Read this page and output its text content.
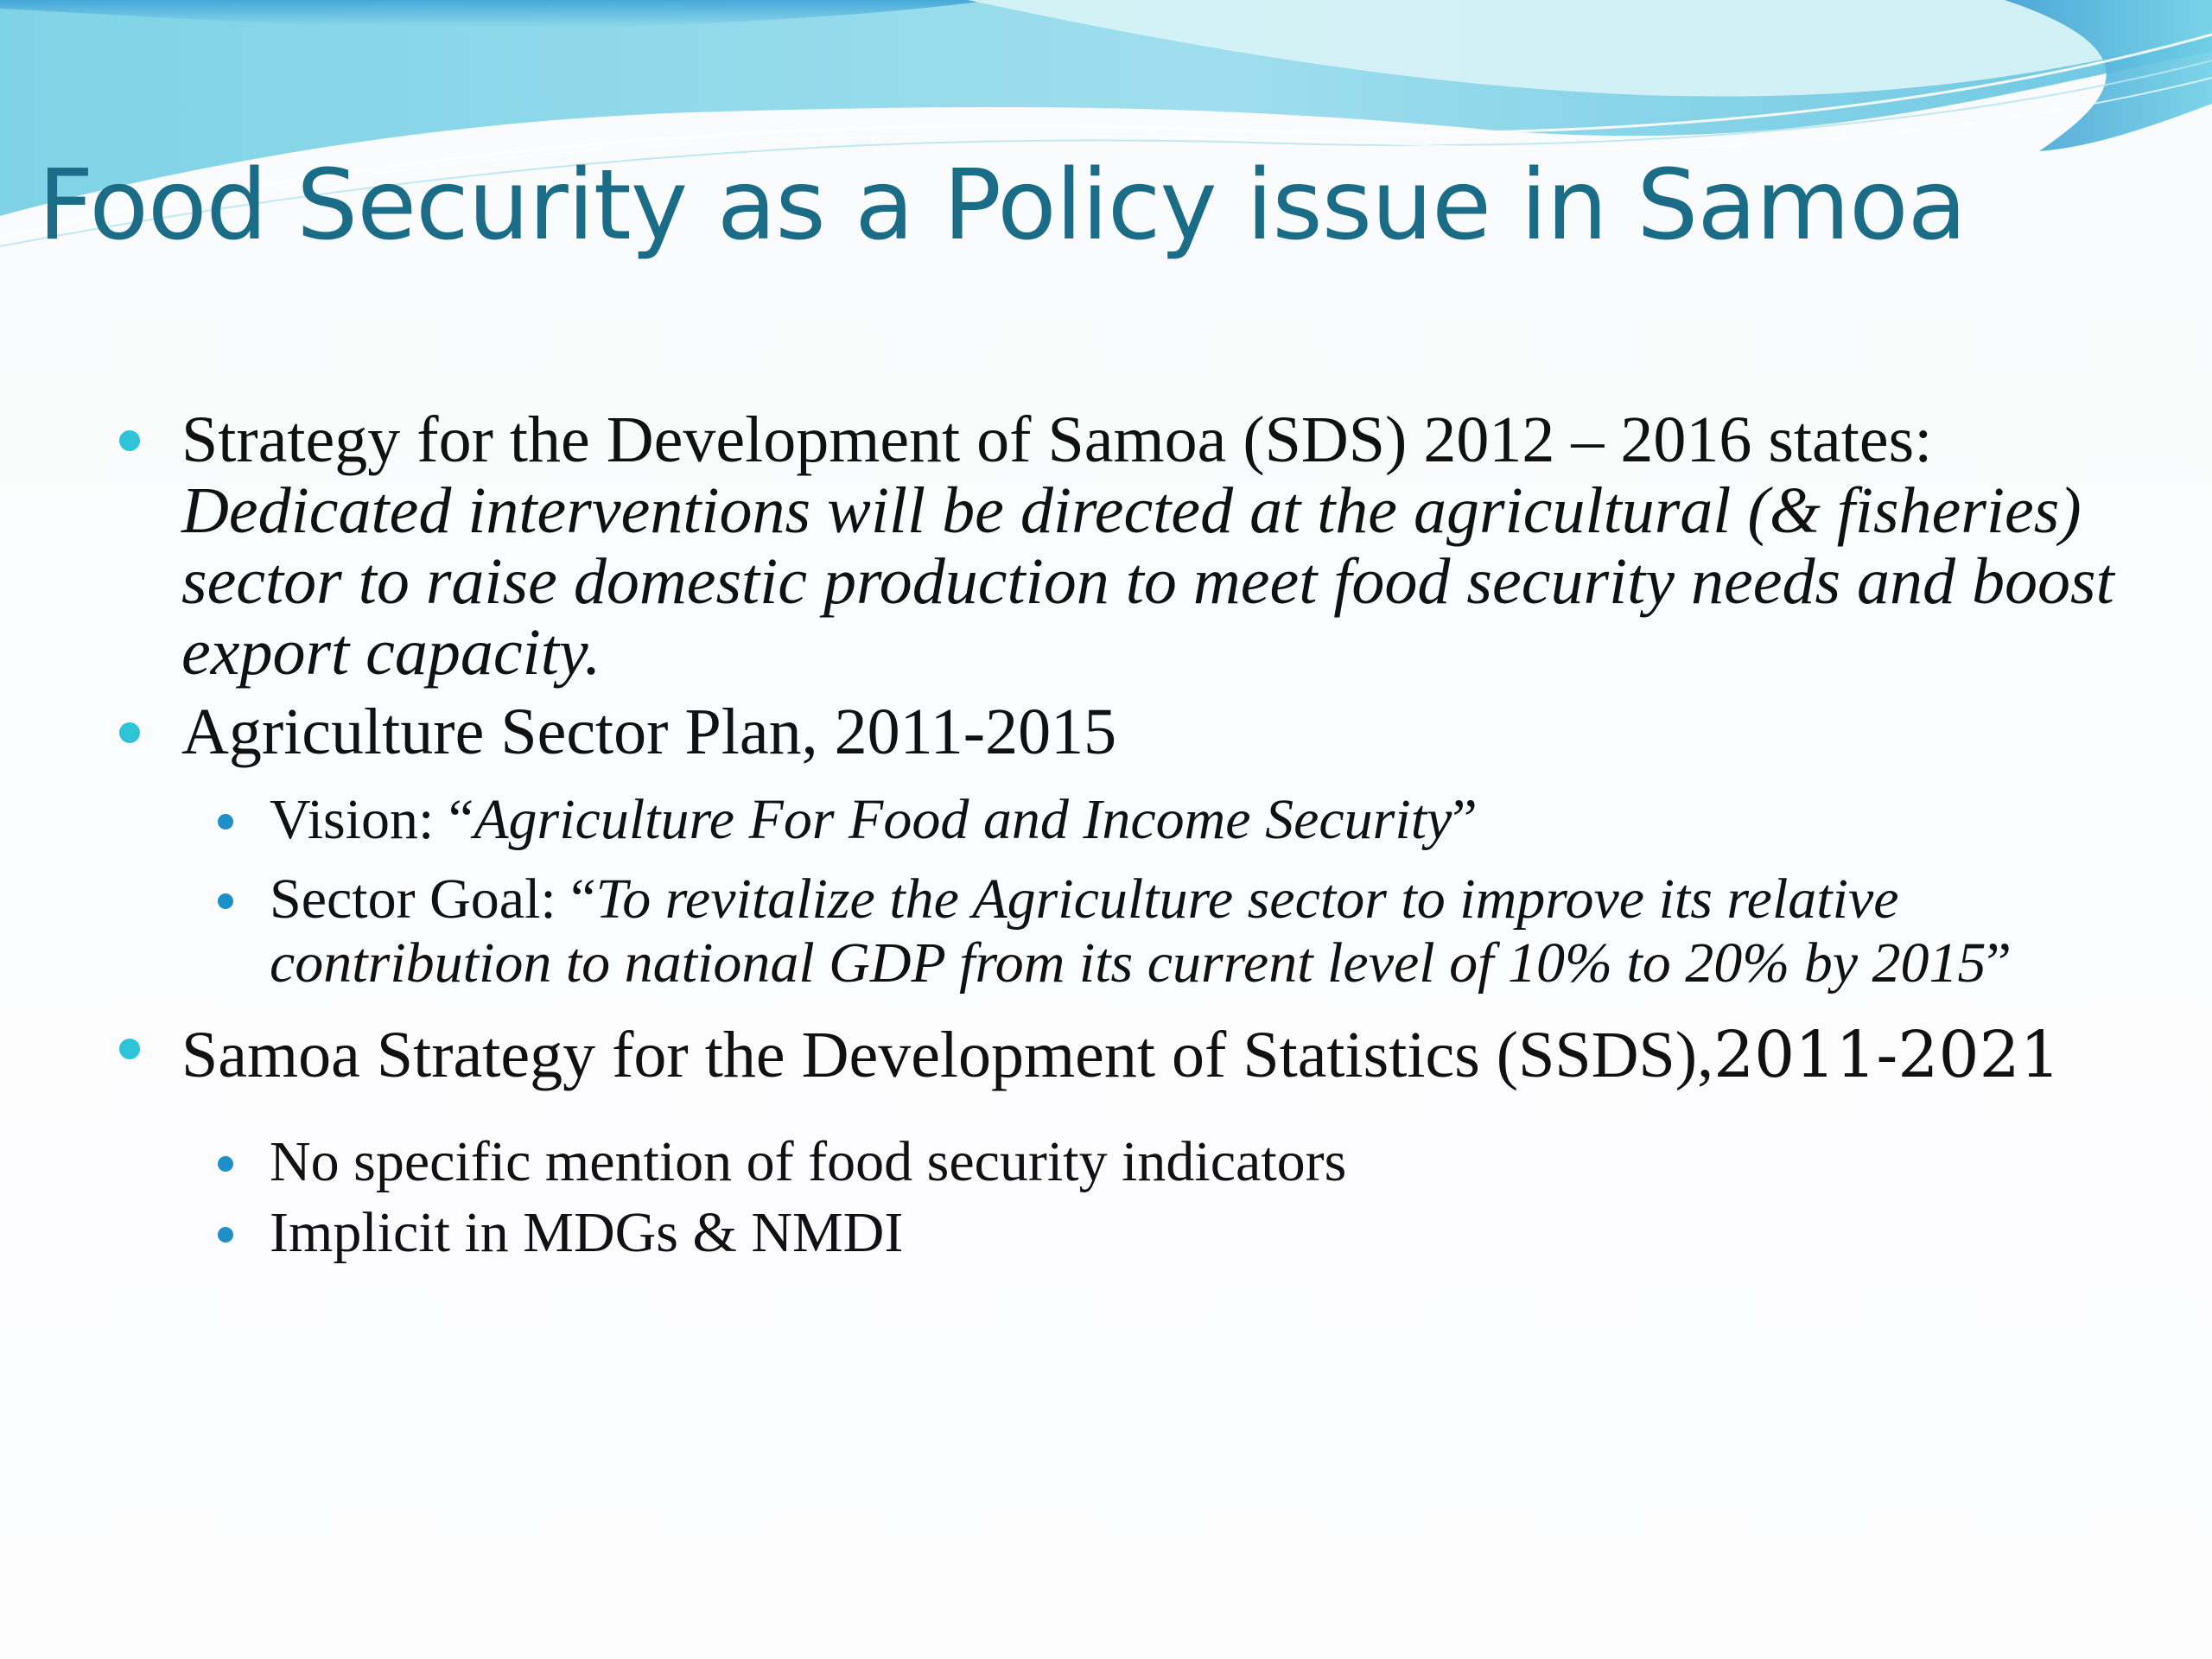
Food Security as a Policy issue in Samoa
Strategy for the Development of Samoa (SDS) 2012 – 2016 states: Dedicated interventions will be directed at the agricultural (& fisheries) sector to raise domestic production to meet food security needs and boost export capacity.
Agriculture Sector Plan, 2011-2015
Vision: “Agriculture For Food and Income Security”
Sector Goal: “To revitalize the Agriculture sector to improve its relative contribution to national GDP from its current level of 10% to 20% by 2015”
Samoa Strategy for the Development of Statistics (SSDS),2011-2021
No specific mention of food security indicators
Implicit in MDGs & NMDI
